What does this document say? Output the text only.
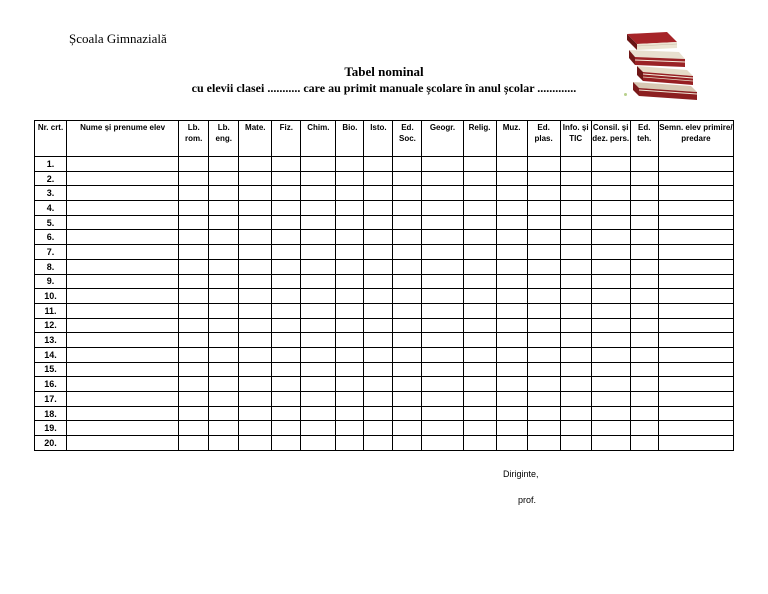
Școala Gimnazială
Tabel nominal
cu elevii clasei ........... care au primit manuale școlare în anul școlar .............
Nr. crt.	Nume și prenume elev	Lb. rom.	Lb. eng.	Mate.	Fiz.	Chim.	Bio.	Isto.	Ed. Soc.	Geogr.	Relig.	Muz.	Ed. plas.	Info. și TIC	Consil. și dez. pers.	Ed. teh.	Semn. elev primire/ predare
1.																	
2.																	
3.																	
4.																	
5.																	
6.																	
7.																	
8.																	
9.																	
10.																	
11.																	
12.																	
13.																	
14.																	
15.																	
16.																	
17.																	
18.																	
19.																	
20.																	
Diriginte,
prof.
